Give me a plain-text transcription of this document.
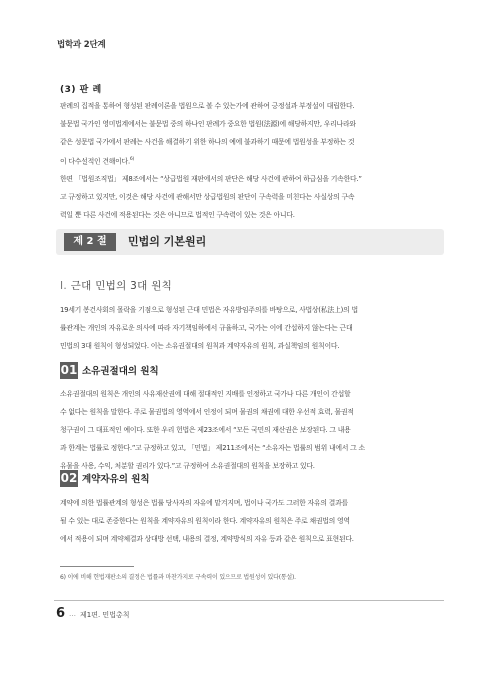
법학과 2단계
(3) 판 례
판례의 집적을 통하여 형성된 판례이론을 법원으로 볼 수 있는가에 관하여 긍정설과 부정설이 대립한다.
불문법 국가인 영미법계에서는 불문법 중의 하나인 판례가 중요한 법원(法源)에 해당하지만, 우리나라와
같은 성문법 국가에서 판례는 사건을 해결하기 위한 하나의 예에 불과하기 때문에 법원성을 부정하는 것
이 다수설적인 견해이다.$^{6)}$
한편 「법원조직법」 제8조에서는 “상급법원 재판에서의 판단은 해당 사건에 관하여 하급심을 기속한다.”
고 규정하고 있지만, 이것은 해당 사건에 관해서만 상급법원의 판단이 구속력을 미친다는 사실상의 구속
력일 뿐 다른 사건에 적용된다는 것은 아니므로 법적인 구속력이 있는 것은 아니다.
제 2 절	민법의 기본원리
Ⅰ. 근대 민법의 3대 원칙
19세기 봉건사회의 몰락을 기점으로 형성된 근대 민법은 자유방임주의를 바탕으로, 사법상(私法上)의 법
률관계는 개인의 자유로운 의사에 따라 자기책임하에서 규율하고, 국가는 이에 간섭하지 않는다는 근대
민법의 3대 원칙이 형성되었다. 이는 소유권절대의 원칙과 계약자유의 원칙, 과실책임의 원칙이다.
01 소유권절대의 원칙
소유권절대의 원칙은 개인의 사유재산권에 대해 절대적인 지배를 인정하고 국가나 다른 개인이 간섭할
수 없다는 원칙을 말한다. 주로 물권법의 영역에서 인정이 되며 물권의 채권에 대한 우선적 효력, 물권적
청구권이 그 대표적인 예이다. 또한 우리 헌법은 제23조에서 “모든 국민의 재산권은 보장된다. 그 내용
과 한계는 법률로 정한다.”고 규정하고 있고, 「민법」 제211조에서는 “소유자는 법률의 범위 내에서 그 소
유물을 사용, 수익, 처분할 권리가 있다.”고 규정하여 소유권절대의 원칙을 보장하고 있다.
02 계약자유의 원칙
계약에 의한 법률관계의 형성은 법률 당사자의 자유에 맡겨지며, 법이나 국가도 그러한 자유의 결과를
될 수 있는 대로 존중한다는 원칙을 계약자유의 원칙이라 한다. 계약자유의 원칙은 주로 채권법의 영역
에서 적용이 되며 계약체결과 상대방 선택, 내용의 결정, 계약방식의 자유 등과 같은 원칙으로 표현된다.
6) 이에 비해 헌법재판소의 결정은 법률과 마찬가지로 구속력이 있으므로 법원성이 있다(통설).
6 … 제1편. 민법총칙
